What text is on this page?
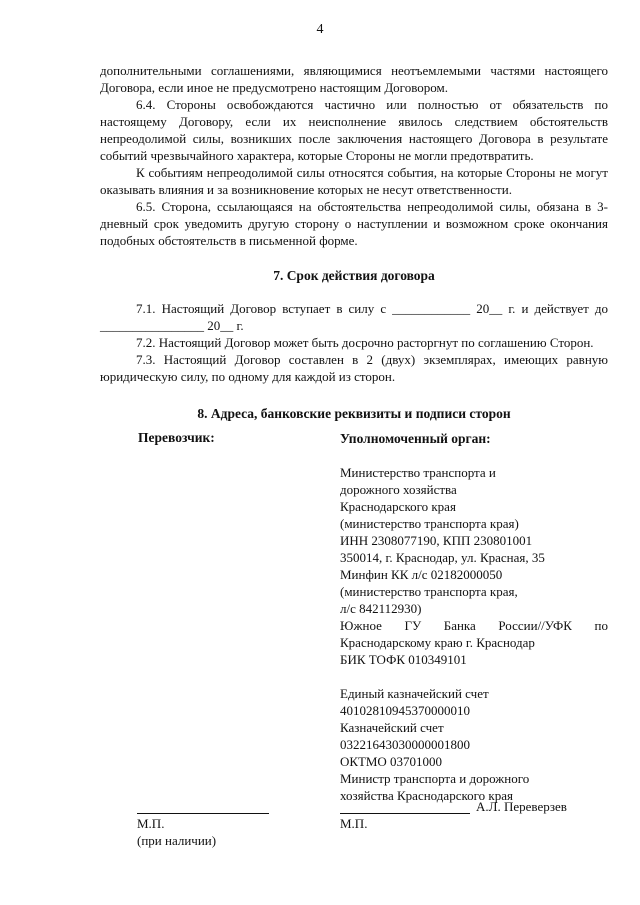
4

дополнительными соглашениями, являющимися неотъемлемыми частями настоящего Договора, если иное не предусмотрено настоящим Договором.

6.4. Стороны освобождаются частично или полностью от обязательств по настоящему Договору, если их неисполнение явилось следствием обстоятельств непреодолимой силы, возникших после заключения настоящего Договора в результате событий чрезвычайного характера, которые Стороны не могли предотвратить.

К событиям непреодолимой силы относятся события, на которые Стороны не могут оказывать влияния и за возникновение которых не несут ответственности.

6.5. Сторона, ссылающаяся на обстоятельства непреодолимой силы, обязана в 3-дневный срок уведомить другую сторону о наступлении и возможном сроке окончания подобных обстоятельств в письменной форме.

7. Срок действия договора

7.1. Настоящий Договор вступает в силу с ____________ 20__ г. и действует до ________________ 20__ г.

7.2. Настоящий Договор может быть досрочно расторгнут по соглашению Сторон.

7.3. Настоящий Договор составлен в 2 (двух) экземплярах, имеющих равную юридическую силу, по одному для каждой из сторон.

8. Адреса, банковские реквизиты и подписи сторон

Перевозчик:	Уполномоченный орган:
Министерство транспорта и
дорожного хозяйства
Краснодарского края
(министерство транспорта края)
ИНН 2308077190, КПП 230801001
350014, г. Краснодар, ул. Красная, 35
Минфин КК л/с 02182000050
(министерство транспорта края,
л/с 842112930)
Южное ГУ Банка России//УФК по
Краснодарскому краю г. Краснодар
БИК ТОФК 010349101
Единый казначейский счет
40102810945370000010
Казначейский счет
03221643030000001800
ОКТМО 03701000
Министр транспорта и дорожного
хозяйства Краснодарского края
А.Л. Переверзев
М.П.
(при наличии)
М.П.
